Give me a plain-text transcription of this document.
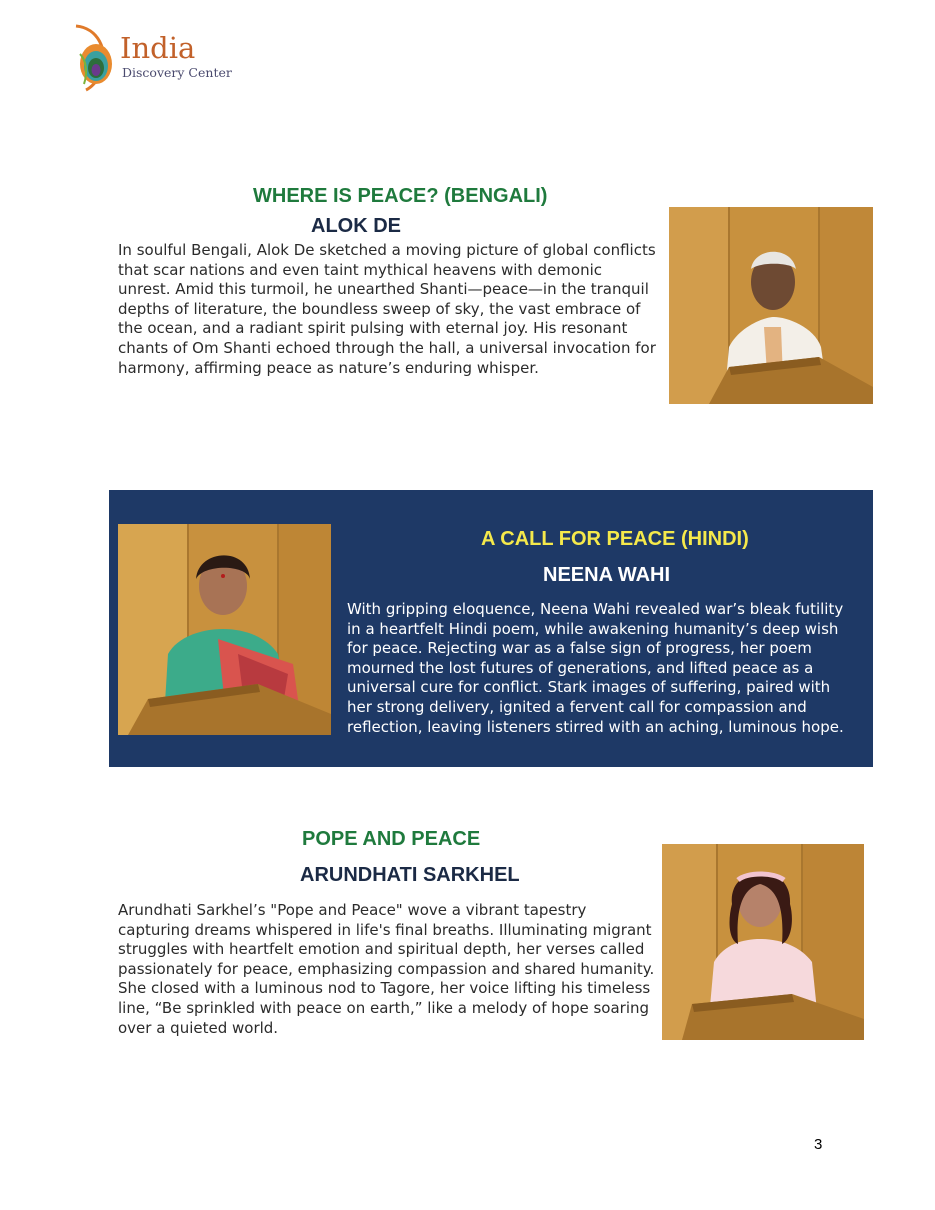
India
Discovery Center
WHERE IS PEACE? (BENGALI)
ALOK DE

In soulful Bengali, Alok De sketched a moving picture of global conflicts that scar nations and even taint mythical heavens with demonic unrest. Amid this turmoil, he unearthed Shanti—peace—in the tranquil depths of literature, the boundless sweep of sky, the vast embrace of the ocean, and a radiant spirit pulsing with eternal joy. His resonant chants of Om Shanti echoed through the hall, a universal invocation for harmony, affirming peace as nature’s enduring whisper.

A CALL FOR PEACE (HINDI)
NEENA WAHI

With gripping eloquence, Neena Wahi revealed war’s bleak futility in a heartfelt Hindi poem, while awakening humanity’s deep wish for peace. Rejecting war as a false sign of progress, her poem mourned the lost futures of generations, and lifted peace as a universal cure for conflict. Stark images of suffering, paired with her strong delivery, ignited a fervent call for compassion and reflection, leaving listeners stirred with an aching, luminous hope.

POPE AND PEACE
ARUNDHATI SARKHEL

Arundhati Sarkhel’s "Pope and Peace" wove a vibrant tapestry capturing dreams whispered in life's final breaths. Illuminating migrant struggles with heartfelt emotion and spiritual depth, her verses called passionately for peace, emphasizing compassion and shared humanity. She closed with a luminous nod to Tagore, her voice lifting his timeless line, “Be sprinkled with peace on earth,” like a melody of hope soaring over a quieted world.

3
